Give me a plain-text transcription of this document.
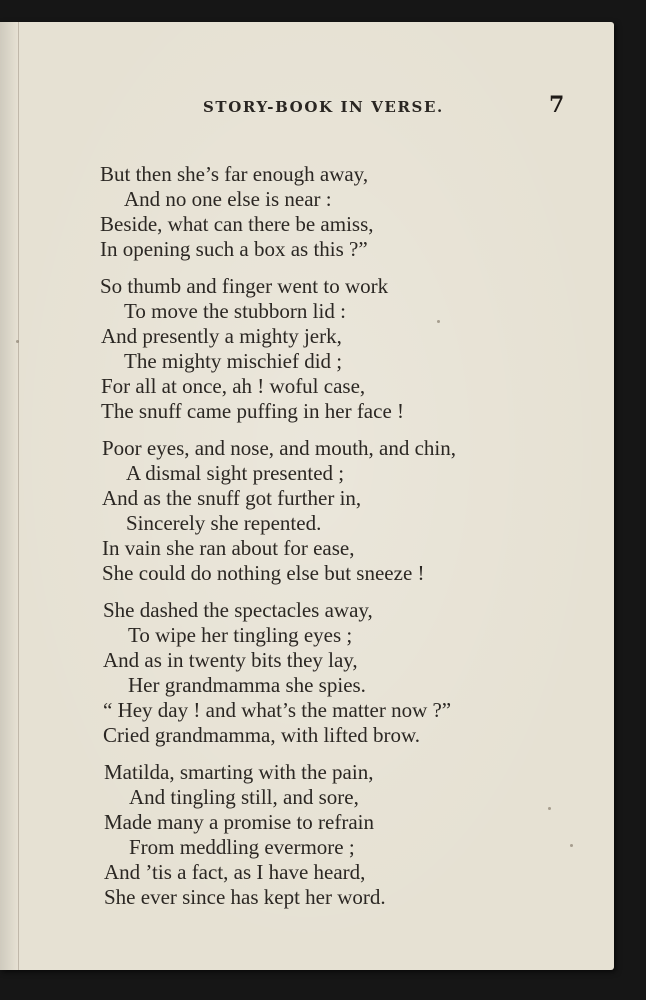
STORY-BOOK IN VERSE.	7
But then she’s far enough away,
And no one else is near :
Beside, what can there be amiss,
In opening such a box as this ?”
So thumb and finger went to work
To move the stubborn lid :
And presently a mighty jerk,
The mighty mischief did ;
For all at once, ah ! woful case,
The snuff came puffing in her face !
Poor eyes, and nose, and mouth, and chin,
A dismal sight presented ;
And as the snuff got further in,
Sincerely she repented.
In vain she ran about for ease,
She could do nothing else but sneeze !
She dashed the spectacles away,
To wipe her tingling eyes ;
And as in twenty bits they lay,
Her grandmamma she spies.
“ Hey day ! and what’s the matter now ?”
Cried grandmamma, with lifted brow.
Matilda, smarting with the pain,
And tingling still, and sore,
Made many a promise to refrain
From meddling evermore ;
And ’tis a fact, as I have heard,
She ever since has kept her word.
